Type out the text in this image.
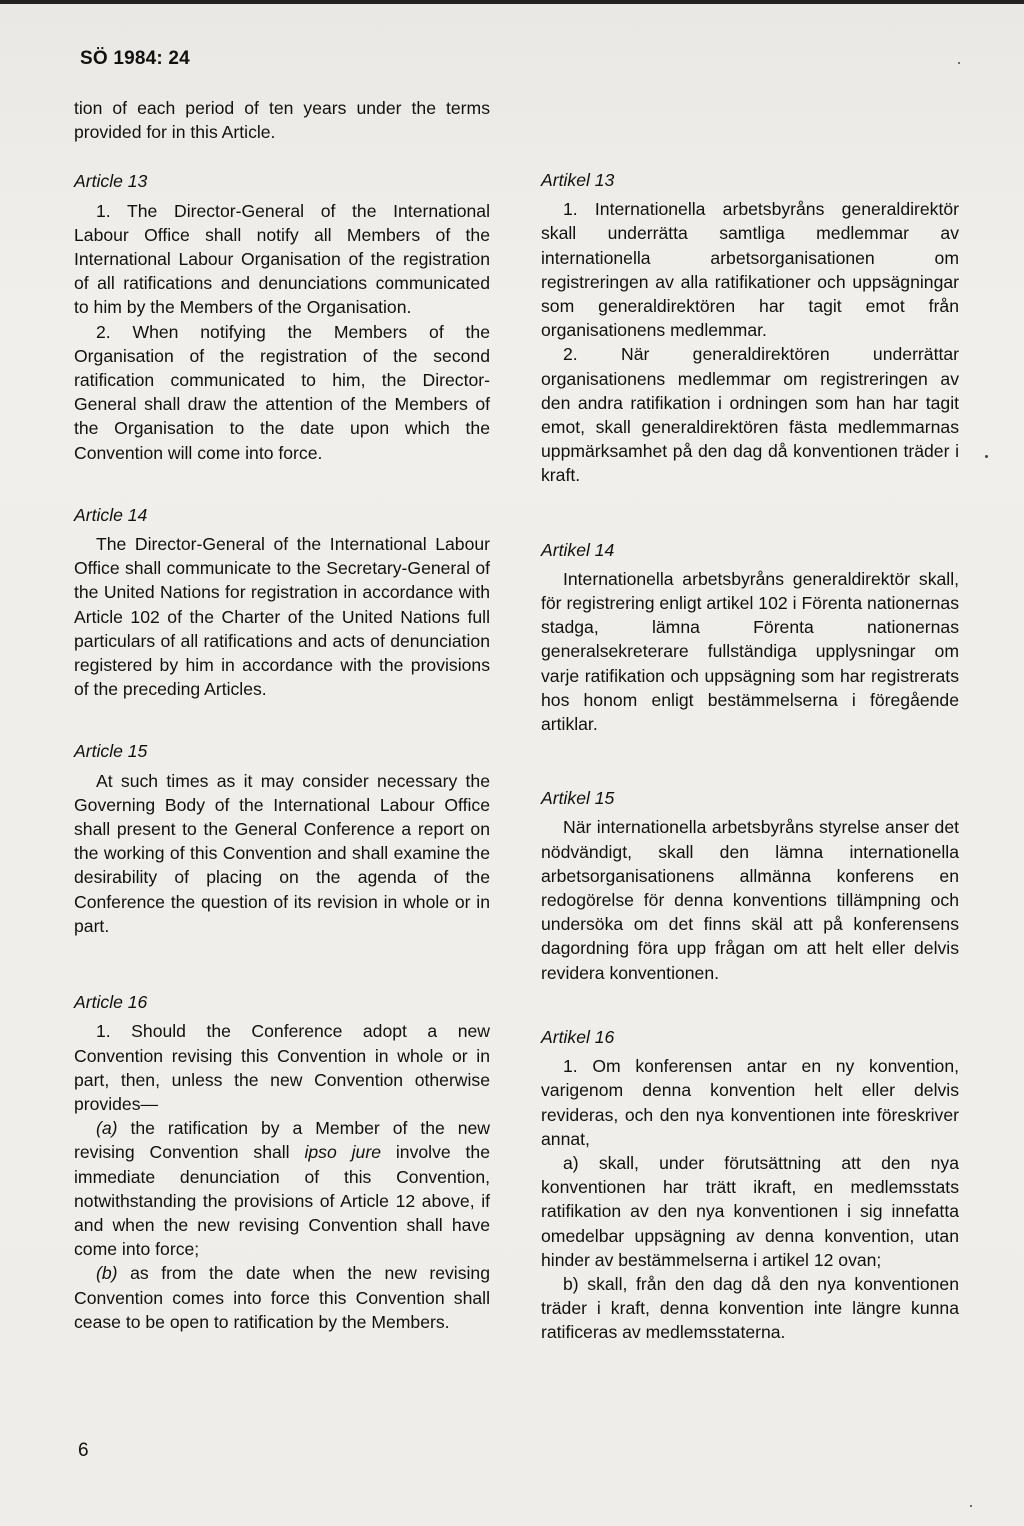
SÖ 1984: 24

tion of each period of ten years under the terms provided for in this Article.

Article 13

1. The Director-General of the International Labour Office shall notify all Members of the International Labour Organisation of the registration of all ratifications and denunciations communicated to him by the Members of the Organisation.

2. When notifying the Members of the Organisation of the registration of the second ratification communicated to him, the Director-General shall draw the attention of the Members of the Organisation to the date upon which the Convention will come into force.

Article 14

The Director-General of the International Labour Office shall communicate to the Secretary-General of the United Nations for registration in accordance with Article 102 of the Charter of the United Nations full particulars of all ratifications and acts of denunciation registered by him in accordance with the provisions of the preceding Articles.

Article 15

At such times as it may consider necessary the Governing Body of the International Labour Office shall present to the General Conference a report on the working of this Convention and shall examine the desirability of placing on the agenda of the Conference the question of its revision in whole or in part.

Article 16

1. Should the Conference adopt a new Convention revising this Convention in whole or in part, then, unless the new Convention otherwise provides—

(a) the ratification by a Member of the new revising Convention shall ipso jure involve the immediate denunciation of this Convention, notwithstanding the provisions of Article 12 above, if and when the new revising Convention shall have come into force;

(b) as from the date when the new revising Convention comes into force this Convention shall cease to be open to ratification by the Members.

Artikel 13

1. Internationella arbetsbyråns generaldirektör skall underrätta samtliga medlemmar av internationella arbetsorganisationen om registreringen av alla ratifikationer och uppsägningar som generaldirektören har tagit emot från organisationens medlemmar.

2. När generaldirektören underrättar organisationens medlemmar om registreringen av den andra ratifikation i ordningen som han har tagit emot, skall generaldirektören fästa medlemmarnas uppmärksamhet på den dag då konventionen träder i kraft.

Artikel 14

Internationella arbetsbyråns generaldirektör skall, för registrering enligt artikel 102 i Förenta nationernas stadga, lämna Förenta nationernas generalsekreterare fullständiga upplysningar om varje ratifikation och uppsägning som har registrerats hos honom enligt bestämmelserna i föregående artiklar.

Artikel 15

När internationella arbetsbyråns styrelse anser det nödvändigt, skall den lämna internationella arbetsorganisationens allmänna konferens en redogörelse för denna konventions tillämpning och undersöka om det finns skäl att på konferensens dagordning föra upp frågan om att helt eller delvis revidera konventionen.

Artikel 16

1. Om konferensen antar en ny konvention, varigenom denna konvention helt eller delvis revideras, och den nya konventionen inte föreskriver annat,

a) skall, under förutsättning att den nya konventionen har trätt ikraft, en medlemsstats ratifikation av den nya konventionen i sig innefatta omedelbar uppsägning av denna konvention, utan hinder av bestämmelserna i artikel 12 ovan;

b) skall, från den dag då den nya konventionen träder i kraft, denna konvention inte längre kunna ratificeras av medlemsstaterna.

6
